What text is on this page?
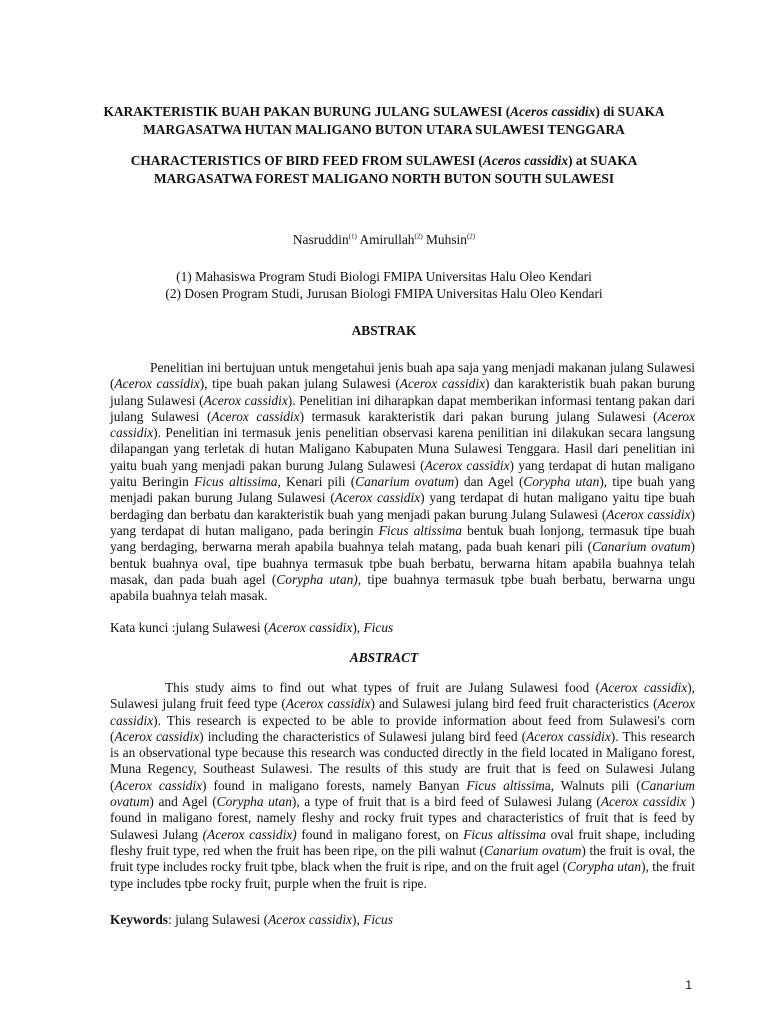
KARAKTERISTIK BUAH PAKAN BURUNG JULANG SULAWESI (Aceros cassidix) di SUAKA MARGASATWA HUTAN MALIGANO BUTON UTARA SULAWESI TENGGARA
CHARACTERISTICS OF BIRD FEED FROM SULAWESI (Aceros cassidix) at SUAKA MARGASATWA FOREST MALIGANO NORTH BUTON SOUTH SULAWESI
Nasruddin$^{(1)}$ Amirullah$^{(2)}$ Muhsin$^{(2)}$
(1) Mahasiswa Program Studi Biologi FMIPA Universitas Halu Oleo Kendari
(2) Dosen Program Studi, Jurusan Biologi FMIPA Universitas Halu Oleo Kendari
ABSTRAK

Penelitian ini bertujuan untuk mengetahui jenis buah apa saja yang menjadi makanan julang Sulawesi (Acerox cassidix), tipe buah pakan julang Sulawesi (Acerox cassidix) dan karakteristik buah pakan burung julang Sulawesi (Acerox cassidix). Penelitian ini diharapkan dapat memberikan informasi tentang pakan dari julang Sulawesi (Acerox cassidix) termasuk karakteristik dari pakan burung julang Sulawesi (Acerox cassidix). Penelitian ini termasuk jenis penelitian observasi karena penilitian ini dilakukan secara langsung dilapangan yang terletak di hutan Maligano Kabupaten Muna Sulawesi Tenggara. Hasil dari penelitian ini yaitu buah yang menjadi pakan burung Julang Sulawesi (Acerox cassidix) yang terdapat di hutan maligano yaitu Beringin Ficus altissima, Kenari pili (Canarium ovatum) dan Agel (Corypha utan), tipe buah yang menjadi pakan burung Julang Sulawesi (Acerox cassidix) yang terdapat di hutan maligano yaitu tipe buah berdaging dan berbatu dan karakteristik buah yang menjadi pakan burung Julang Sulawesi (Acerox cassidix) yang terdapat di hutan maligano, pada beringin Ficus altissima bentuk buah lonjong, termasuk tipe buah yang berdaging, berwarna merah apabila buahnya telah matang, pada buah kenari pili (Canarium ovatum) bentuk buahnya oval, tipe buahnya termasuk tpbe buah berbatu, berwarna hitam apabila buahnya telah masak, dan pada buah agel (Corypha utan), tipe buahnya termasuk tpbe buah berbatu, berwarna ungu apabila buahnya telah masak.

Kata kunci :julang Sulawesi (Acerox cassidix), Ficus

ABSTRACT

This study aims to find out what types of fruit are Julang Sulawesi food (Acerox cassidix), Sulawesi julang fruit feed type (Acerox cassidix) and Sulawesi julang bird feed fruit characteristics (Acerox cassidix). This research is expected to be able to provide information about feed from Sulawesi's corn (Acerox cassidix) including the characteristics of Sulawesi julang bird feed (Acerox cassidix). This research is an observational type because this research was conducted directly in the field located in Maligano forest, Muna Regency, Southeast Sulawesi. The results of this study are fruit that is feed on Sulawesi Julang (Acerox cassidix) found in maligano forests, namely Banyan Ficus altissima, Walnuts pili (Canarium ovatum) and Agel (Corypha utan), a type of fruit that is a bird feed of Sulawesi Julang (Acerox cassidix ) found in maligano forest, namely fleshy and rocky fruit types and characteristics of fruit that is feed by Sulawesi Julang (Acerox cassidix) found in maligano forest, on Ficus altissima oval fruit shape, including fleshy fruit type, red when the fruit has been ripe, on the pili walnut (Canarium ovatum) the fruit is oval, the fruit type includes rocky fruit tpbe, black when the fruit is ripe, and on the fruit agel (Corypha utan), the fruit type includes tpbe rocky fruit, purple when the fruit is ripe.

Keywords: julang Sulawesi (Acerox cassidix), Ficus

1
